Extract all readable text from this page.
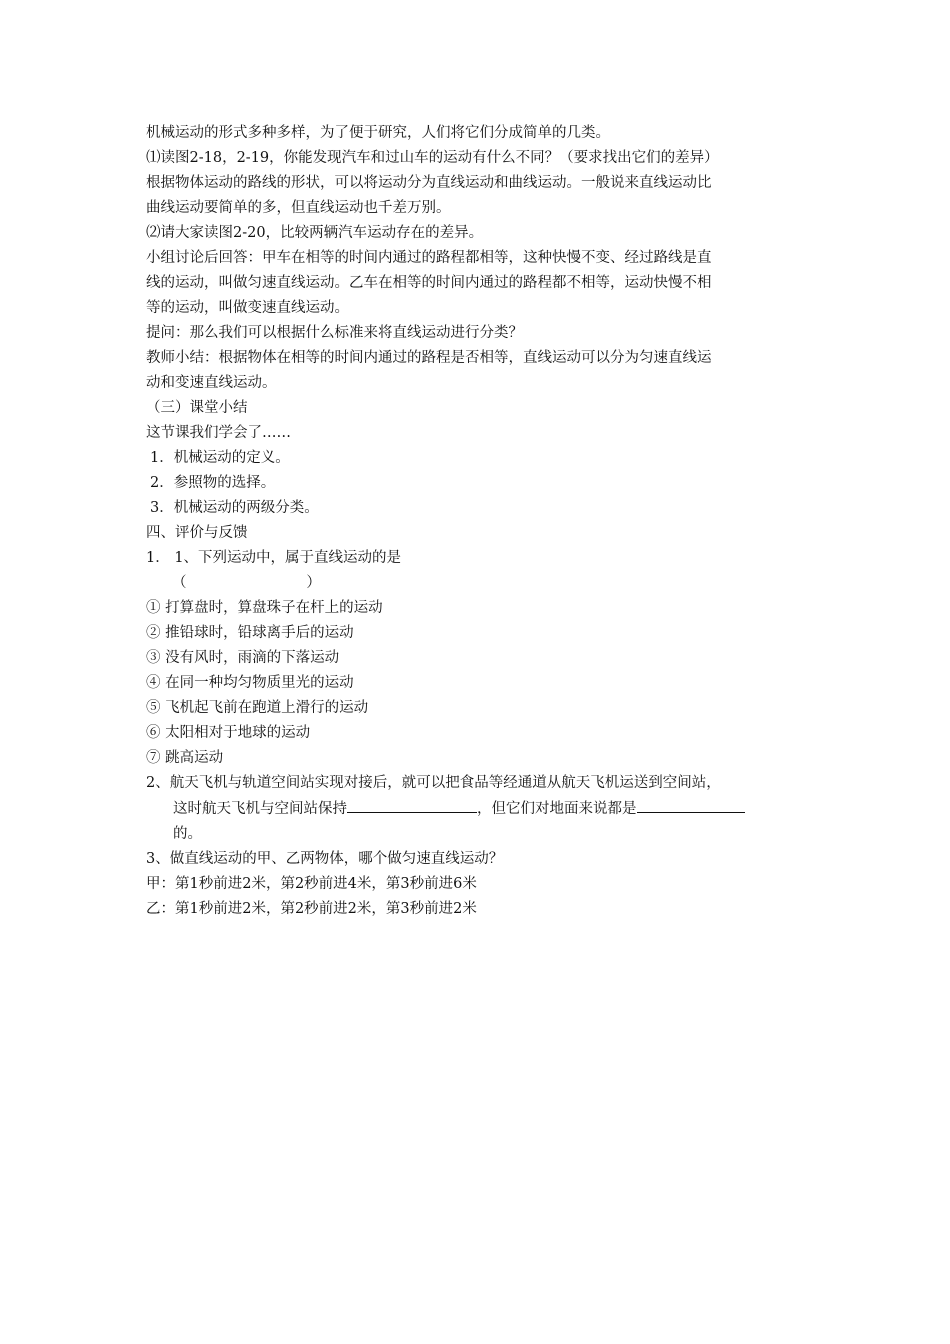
机械运动的形式多种多样，为了便于研究，人们将它们分成简单的几类。
⑴读图2-18，2-19，你能发现汽车和过山车的运动有什么不同？（要求找出它们的差异）
根据物体运动的路线的形状，可以将运动分为直线运动和曲线运动。一般说来直线运动比
曲线运动要简单的多，但直线运动也千差万别。
⑵请大家读图2-20，比较两辆汽车运动存在的差异。
小组讨论后回答：甲车在相等的时间内通过的路程都相等，这种快慢不变、经过路线是直
线的运动，叫做匀速直线运动。乙车在相等的时间内通过的路程都不相等，运动快慢不相
等的运动，叫做变速直线运动。
提问：那么我们可以根据什么标准来将直线运动进行分类？
教师小结：根据物体在相等的时间内通过的路程是否相等，直线运动可以分为匀速直线运
动和变速直线运动。
（三）课堂小结
这节课我们学会了……
1．机械运动的定义。
2．参照物的选择。
3．机械运动的两级分类。
四、评价与反馈
1． 1、下列运动中，属于直线运动的是
（                          ）
① 打算盘时，算盘珠子在杆上的运动
② 推铅球时，铅球离手后的运动
③ 没有风时，雨滴的下落运动
④ 在同一种均匀物质里光的运动
⑤ 飞机起飞前在跑道上滑行的运动
⑥ 太阳相对于地球的运动
⑦ 跳高运动
2、航天飞机与轨道空间站实现对接后，就可以把食品等经通道从航天飞机运送到空间站，
这时航天飞机与空间站保持	，但它们对地面来说都是
的。
3、做直线运动的甲、乙两物体，哪个做匀速直线运动？
甲：第1秒前进2米，第2秒前进4米，第3秒前进6米
乙：第1秒前进2米，第2秒前进2米，第3秒前进2米
